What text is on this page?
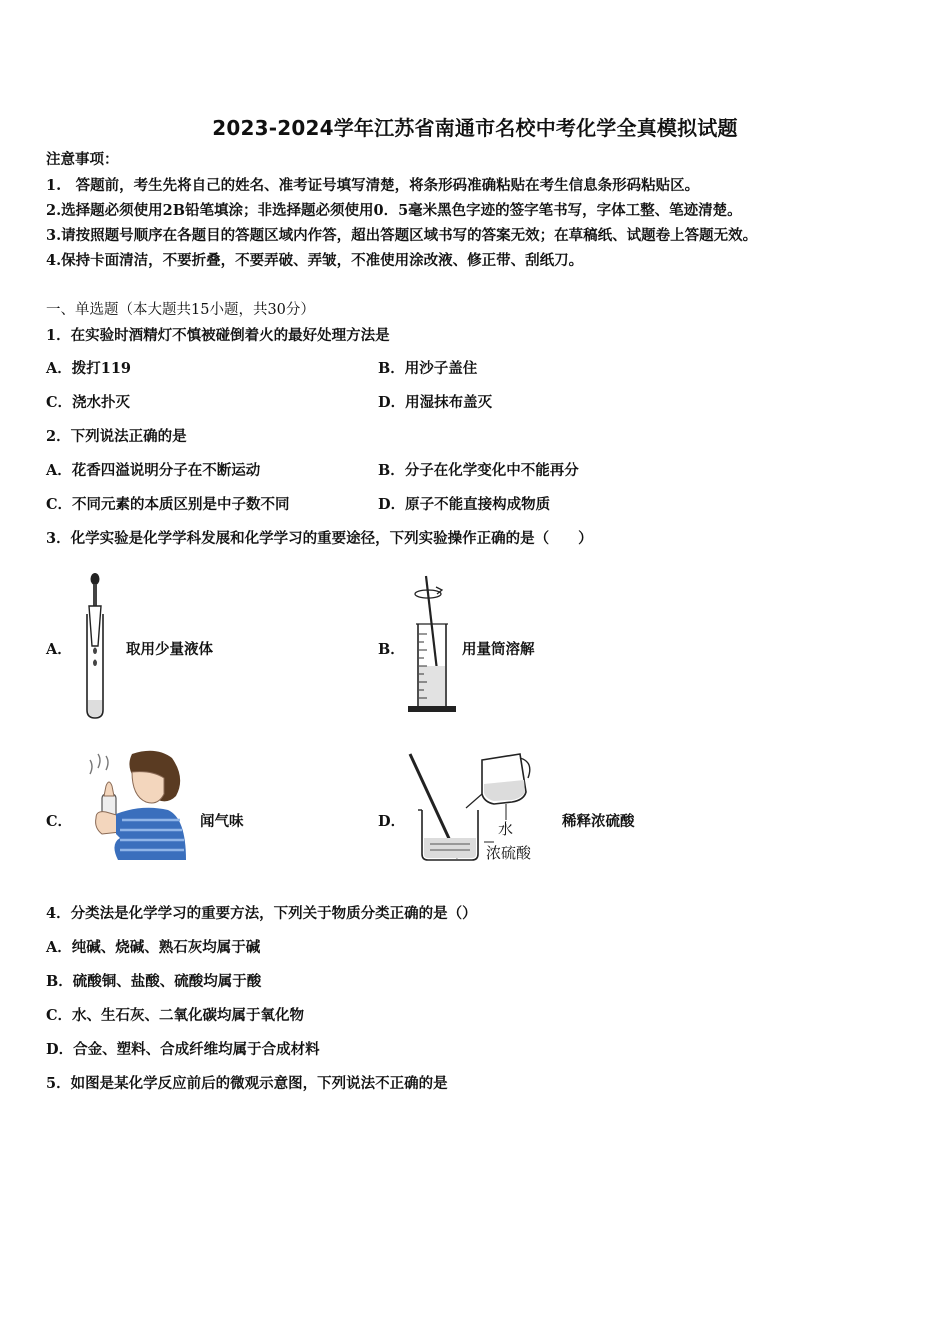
2023-2024学年江苏省南通市名校中考化学全真模拟试题
注意事项：
1.　答题前，考生先将自己的姓名、准考证号填写清楚，将条形码准确粘贴在考生信息条形码粘贴区。
2.选择题必须使用2B铅笔填涂；非选择题必须使用0．5毫米黑色字迹的签字笔书写，字体工整、笔迹清楚。
3.请按照题号顺序在各题目的答题区域内作答，超出答题区域书写的答案无效；在草稿纸、试题卷上答题无效。
4.保持卡面清洁，不要折叠，不要弄破、弄皱，不准使用涂改液、修正带、刮纸刀。
一、单选题（本大题共15小题，共30分）
1．在实验时酒精灯不慎被碰倒着火的最好处理方法是
A．拨打119	B．用沙子盖住
C．浇水扑灭	D．用湿抹布盖灭
2．下列说法正确的是
A．花香四溢说明分子在不断运动	B．分子在化学变化中不能再分
C．不同元素的本质区别是中子数不同	D．原子不能直接构成物质
3．化学实验是化学学科发展和化学学习的重要途径，下列实验操作正确的是（　　）
A．	取用少量液体	B．	用量筒溶解
C．	闻气味	D．	水
浓硫酸
稀释浓硫酸
4．分类法是化学学习的重要方法，下列关于物质分类正确的是（）
A．纯碱、烧碱、熟石灰均属于碱
B．硫酸铜、盐酸、硫酸均属于酸
C．水、生石灰、二氧化碳均属于氧化物
D．合金、塑料、合成纤维均属于合成材料
5．如图是某化学反应前后的微观示意图，下列说法不正确的是
